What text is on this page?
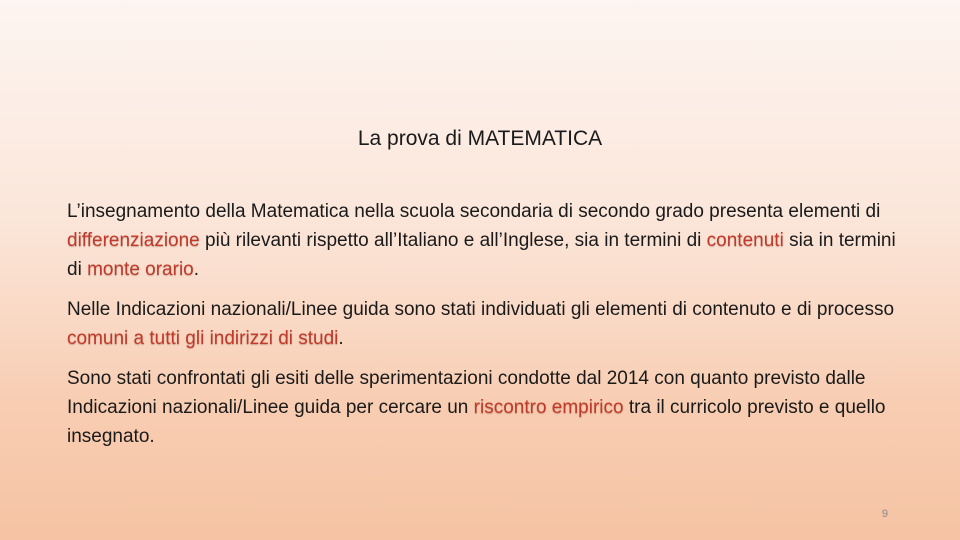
La prova di MATEMATICA

L’insegnamento della Matematica nella scuola secondaria di secondo grado presenta elementi di differenziazione più rilevanti rispetto all’Italiano e all’Inglese, sia in termini di contenuti sia in termini di monte orario.

Nelle Indicazioni nazionali/Linee guida sono stati individuati gli elementi di contenuto e di processo comuni a tutti gli indirizzi di studi.

Sono stati confrontati gli esiti delle sperimentazioni condotte dal 2014 con quanto previsto dalle Indicazioni nazionali/Linee guida per cercare un riscontro empirico tra il curricolo previsto e quello insegnato.

9
